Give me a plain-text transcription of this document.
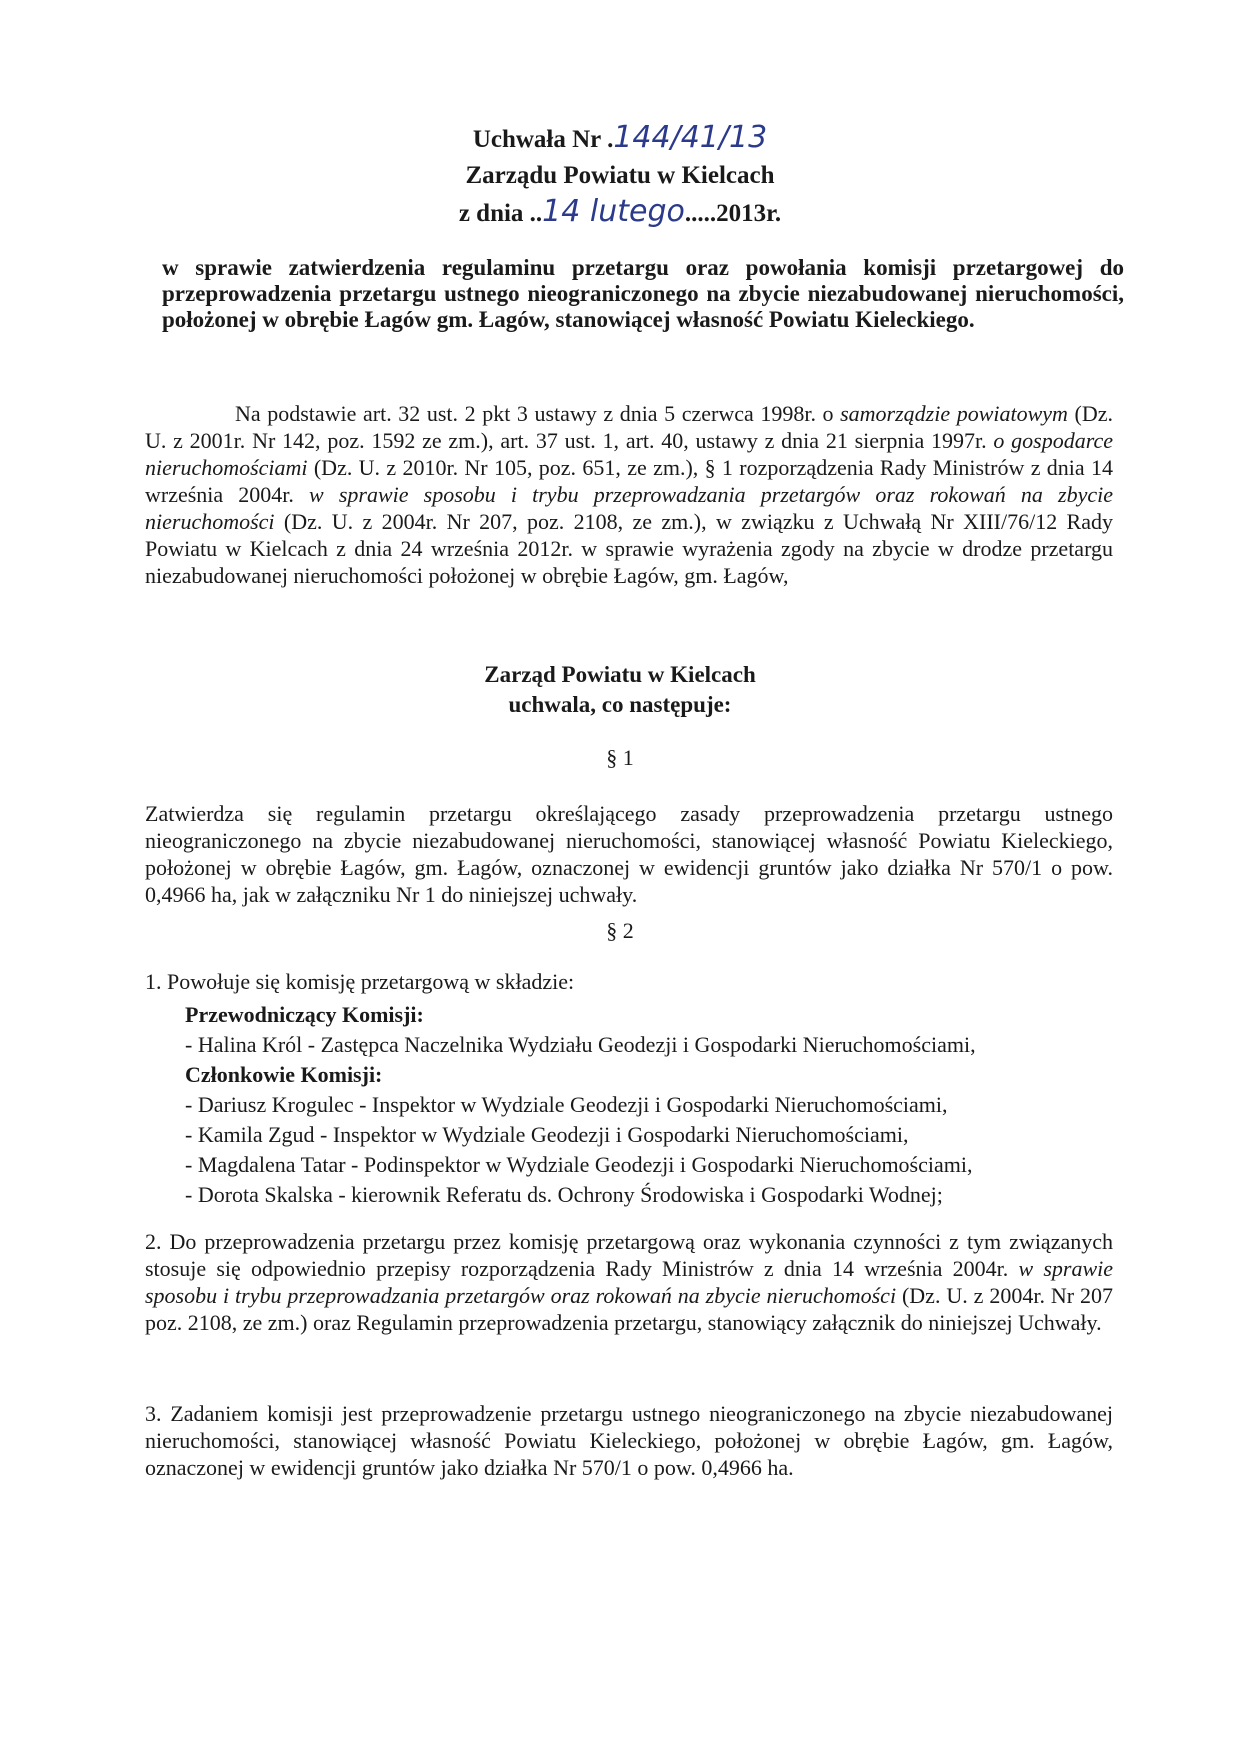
Uchwała Nr .144/41/13
Zarządu Powiatu w Kielcach
z dnia ..14 lutego.....2013r.
w sprawie zatwierdzenia regulaminu przetargu oraz powołania komisji przetargowej do przeprowadzenia przetargu ustnego nieograniczonego na zbycie niezabudowanej nieruchomości, położonej w obrębie Łagów gm. Łagów, stanowiącej własność Powiatu Kieleckiego.
Na podstawie art. 32 ust. 2 pkt 3 ustawy z dnia 5 czerwca 1998r. o samorządzie powiatowym (Dz. U. z 2001r. Nr 142, poz. 1592 ze zm.), art. 37 ust. 1, art. 40, ustawy z dnia 21 sierpnia 1997r. o gospodarce nieruchomościami (Dz. U. z 2010r. Nr 105, poz. 651, ze zm.), § 1 rozporządzenia Rady Ministrów z dnia 14 września 2004r. w sprawie sposobu i trybu przeprowadzania przetargów oraz rokowań na zbycie nieruchomości (Dz. U. z 2004r. Nr 207, poz. 2108, ze zm.), w związku z Uchwałą Nr XIII/76/12 Rady Powiatu w Kielcach z dnia 24 września 2012r. w sprawie wyrażenia zgody na zbycie w drodze przetargu niezabudowanej nieruchomości położonej w obrębie Łagów, gm. Łagów,
Zarząd Powiatu w Kielcach
uchwala, co następuje:
§ 1
Zatwierdza się regulamin przetargu określającego zasady przeprowadzenia przetargu ustnego nieograniczonego na zbycie niezabudowanej nieruchomości, stanowiącej własność Powiatu Kieleckiego, położonej w obrębie Łagów, gm. Łagów, oznaczonej w ewidencji gruntów jako działka Nr 570/1 o pow. 0,4966 ha, jak w załączniku Nr 1 do niniejszej uchwały.
§ 2
1. Powołuje się komisję przetargową w składzie:
Przewodniczący Komisji:
- Halina Król - Zastępca Naczelnika Wydziału Geodezji i Gospodarki Nieruchomościami,
Członkowie Komisji:
- Dariusz Krogulec - Inspektor w Wydziale Geodezji i Gospodarki Nieruchomościami,
- Kamila Zgud - Inspektor w Wydziale Geodezji i Gospodarki Nieruchomościami,
- Magdalena Tatar - Podinspektor w Wydziale Geodezji i Gospodarki Nieruchomościami,
- Dorota Skalska - kierownik Referatu ds. Ochrony Środowiska i Gospodarki Wodnej;
2. Do przeprowadzenia przetargu przez komisję przetargową oraz wykonania czynności z tym związanych stosuje się odpowiednio przepisy rozporządzenia Rady Ministrów z dnia 14 września 2004r. w sprawie sposobu i trybu przeprowadzania przetargów oraz rokowań na zbycie nieruchomości (Dz. U. z 2004r. Nr 207 poz. 2108, ze zm.) oraz Regulamin przeprowadzenia przetargu, stanowiący załącznik do niniejszej Uchwały.
3. Zadaniem komisji jest przeprowadzenie przetargu ustnego nieograniczonego na zbycie niezabudowanej nieruchomości, stanowiącej własność Powiatu Kieleckiego, położonej w obrębie Łagów, gm. Łagów, oznaczonej w ewidencji gruntów jako działka Nr 570/1 o pow. 0,4966 ha.
